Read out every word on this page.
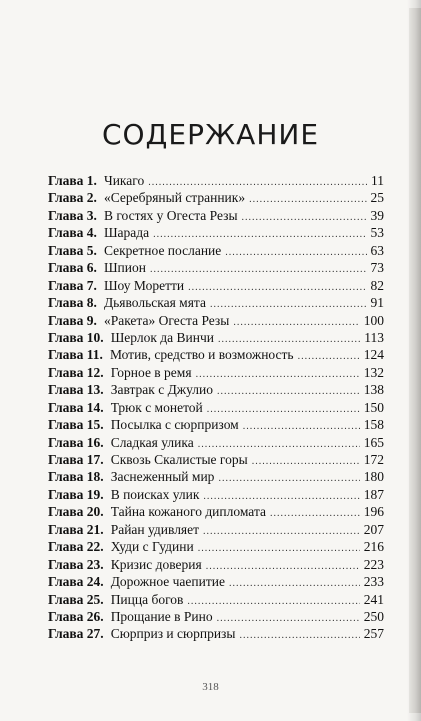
СОДЕРЖАНИЕ
Глава 1. Чикаго .....	11
Глава 2. «Серебряный странник» .....	25
Глава 3. В гостях у Огеста Резы .....	39
Глава 4. Шарада .....	53
Глава 5. Секретное послание .....	63
Глава 6. Шпион .....	73
Глава 7. Шоу Моретти .....	82
Глава 8. Дьявольская мята .....	91
Глава 9. «Ракета» Огеста Резы .....	100
Глава 10. Шерлок да Винчи .....	113
Глава 11. Мотив, средство и возможность .....	124
Глава 12. Горное в ремя .....	132
Глава 13. Завтрак с Джулио .....	138
Глава 14. Трюк с монетой .....	150
Глава 15. Посылка с сюрпризом .....	158
Глава 16. Сладкая улика .....	165
Глава 17. Сквозь Скалистые горы .....	172
Глава 18. Заснеженный мир .....	180
Глава 19. В поисках улик .....	187
Глава 20. Тайна кожаного дипломата .....	196
Глава 21. Райан удивляет .....	207
Глава 22. Худи с Гудини .....	216
Глава 23. Кризис доверия .....	223
Глава 24. Дорожное чаепитие .....	233
Глава 25. Пицца богов .....	241
Глава 26. Прощание в Рино .....	250
Глава 27. Сюрприз и сюрпризы .....	257
318
